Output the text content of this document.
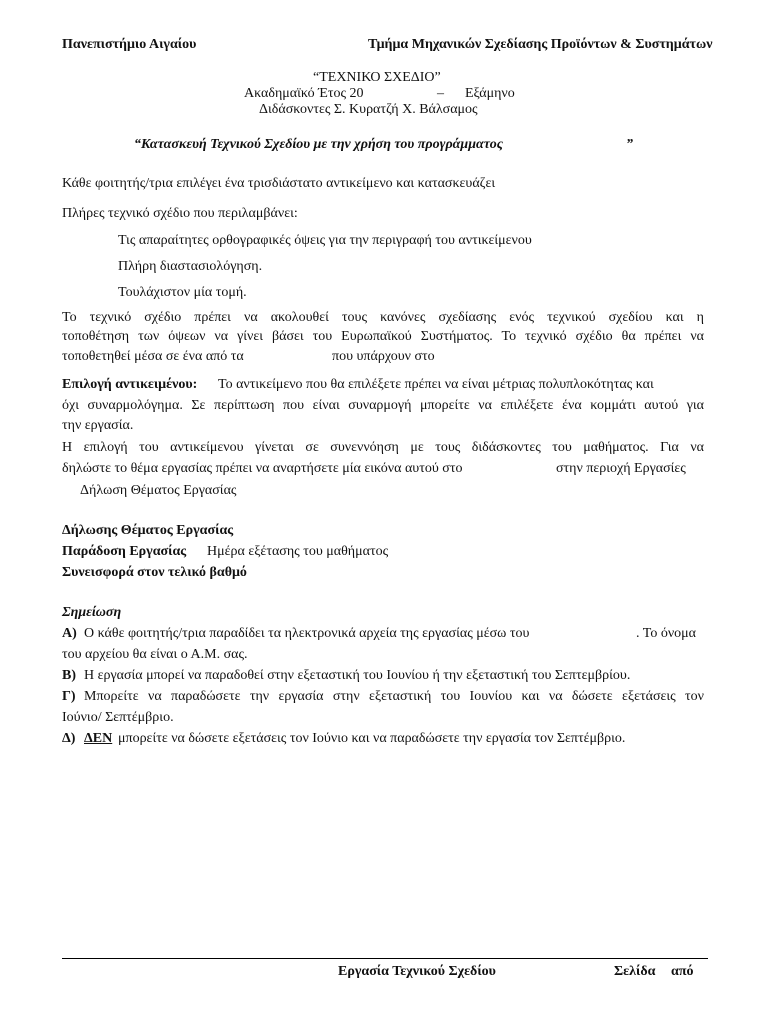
Πανεπιστήμιο Αιγαίου	Τμήμα Μηχανικών Σχεδίασης Προϊόντων & Συστημάτων
“ΤΕΧΝΙΚΟ ΣΧΕΔΙΟ”
Ακαδημαϊκό Έτος 20	– Εξάμηνο
Διδάσκοντες Σ. Κυρατζή Χ. Βάλσαμος
“Κατασκευή Τεχνικού Σχεδίου με την χρήση του προγράμματος	”
Κάθε φοιτητής/τρια επιλέγει ένα τρισδιάστατο αντικείμενο και κατασκευάζει
Πλήρες τεχνικό σχέδιο που περιλαμβάνει:
Τις απαραίτητες ορθογραφικές όψεις για την περιγραφή του αντικείμενου
Πλήρη διαστασιολόγηση.
Τουλάχιστον μία τομή.
Το τεχνικό σχέδιο πρέπει να ακολουθεί τους κανόνες σχεδίασης ενός τεχνικού σχεδίου και η
τοποθέτηση των όψεων να γίνει βάσει του Ευρωπαϊκού Συστήματος. Το τεχνικό σχέδιο θα πρέπει να
τοποθετηθεί μέσα σε ένα από τα	που υπάρχουν στο
Επιλογή αντικειμένου: Το αντικείμενο που θα επιλέξετε πρέπει να είναι μέτριας πολυπλοκότητας και
όχι συναρμολόγημα. Σε περίπτωση που είναι συναρμογή μπορείτε να επιλέξετε ένα κομμάτι αυτού για
την εργασία.
Η επιλογή του αντικείμενου γίνεται σε συνεννόηση με τους διδάσκοντες του μαθήματος. Για να
δηλώστε το θέμα εργασίας πρέπει να αναρτήσετε μία εικόνα αυτού στο	στην περιοχή Εργασίες
Δήλωση Θέματος Εργασίας
Δήλωσης Θέματος Εργασίας
Παράδοση Εργασίας Ημέρα εξέτασης του μαθήματος
Συνεισφορά στον τελικό βαθμό
Σημείωση
Α) Ο κάθε φοιτητής/τρια παραδίδει τα ηλεκτρονικά αρχεία της εργασίας μέσω του	. Το όνομα
του αρχείου θα είναι ο Α.Μ. σας.
Β) Η εργασία μπορεί να παραδοθεί στην εξεταστική του Ιουνίου ή την εξεταστική του Σεπτεμβρίου.
Γ) Μπορείτε να παραδώσετε την εργασία στην εξεταστική του Ιουνίου και να δώσετε εξετάσεις τον
Ιούνιο/ Σεπτέμβριο.
Δ) ΔΕΝ μπορείτε να δώσετε εξετάσεις τον Ιούνιο και να παραδώσετε την εργασία τον Σεπτέμβριο.
Εργασία Τεχνικού Σχεδίου	Σελίδα από
